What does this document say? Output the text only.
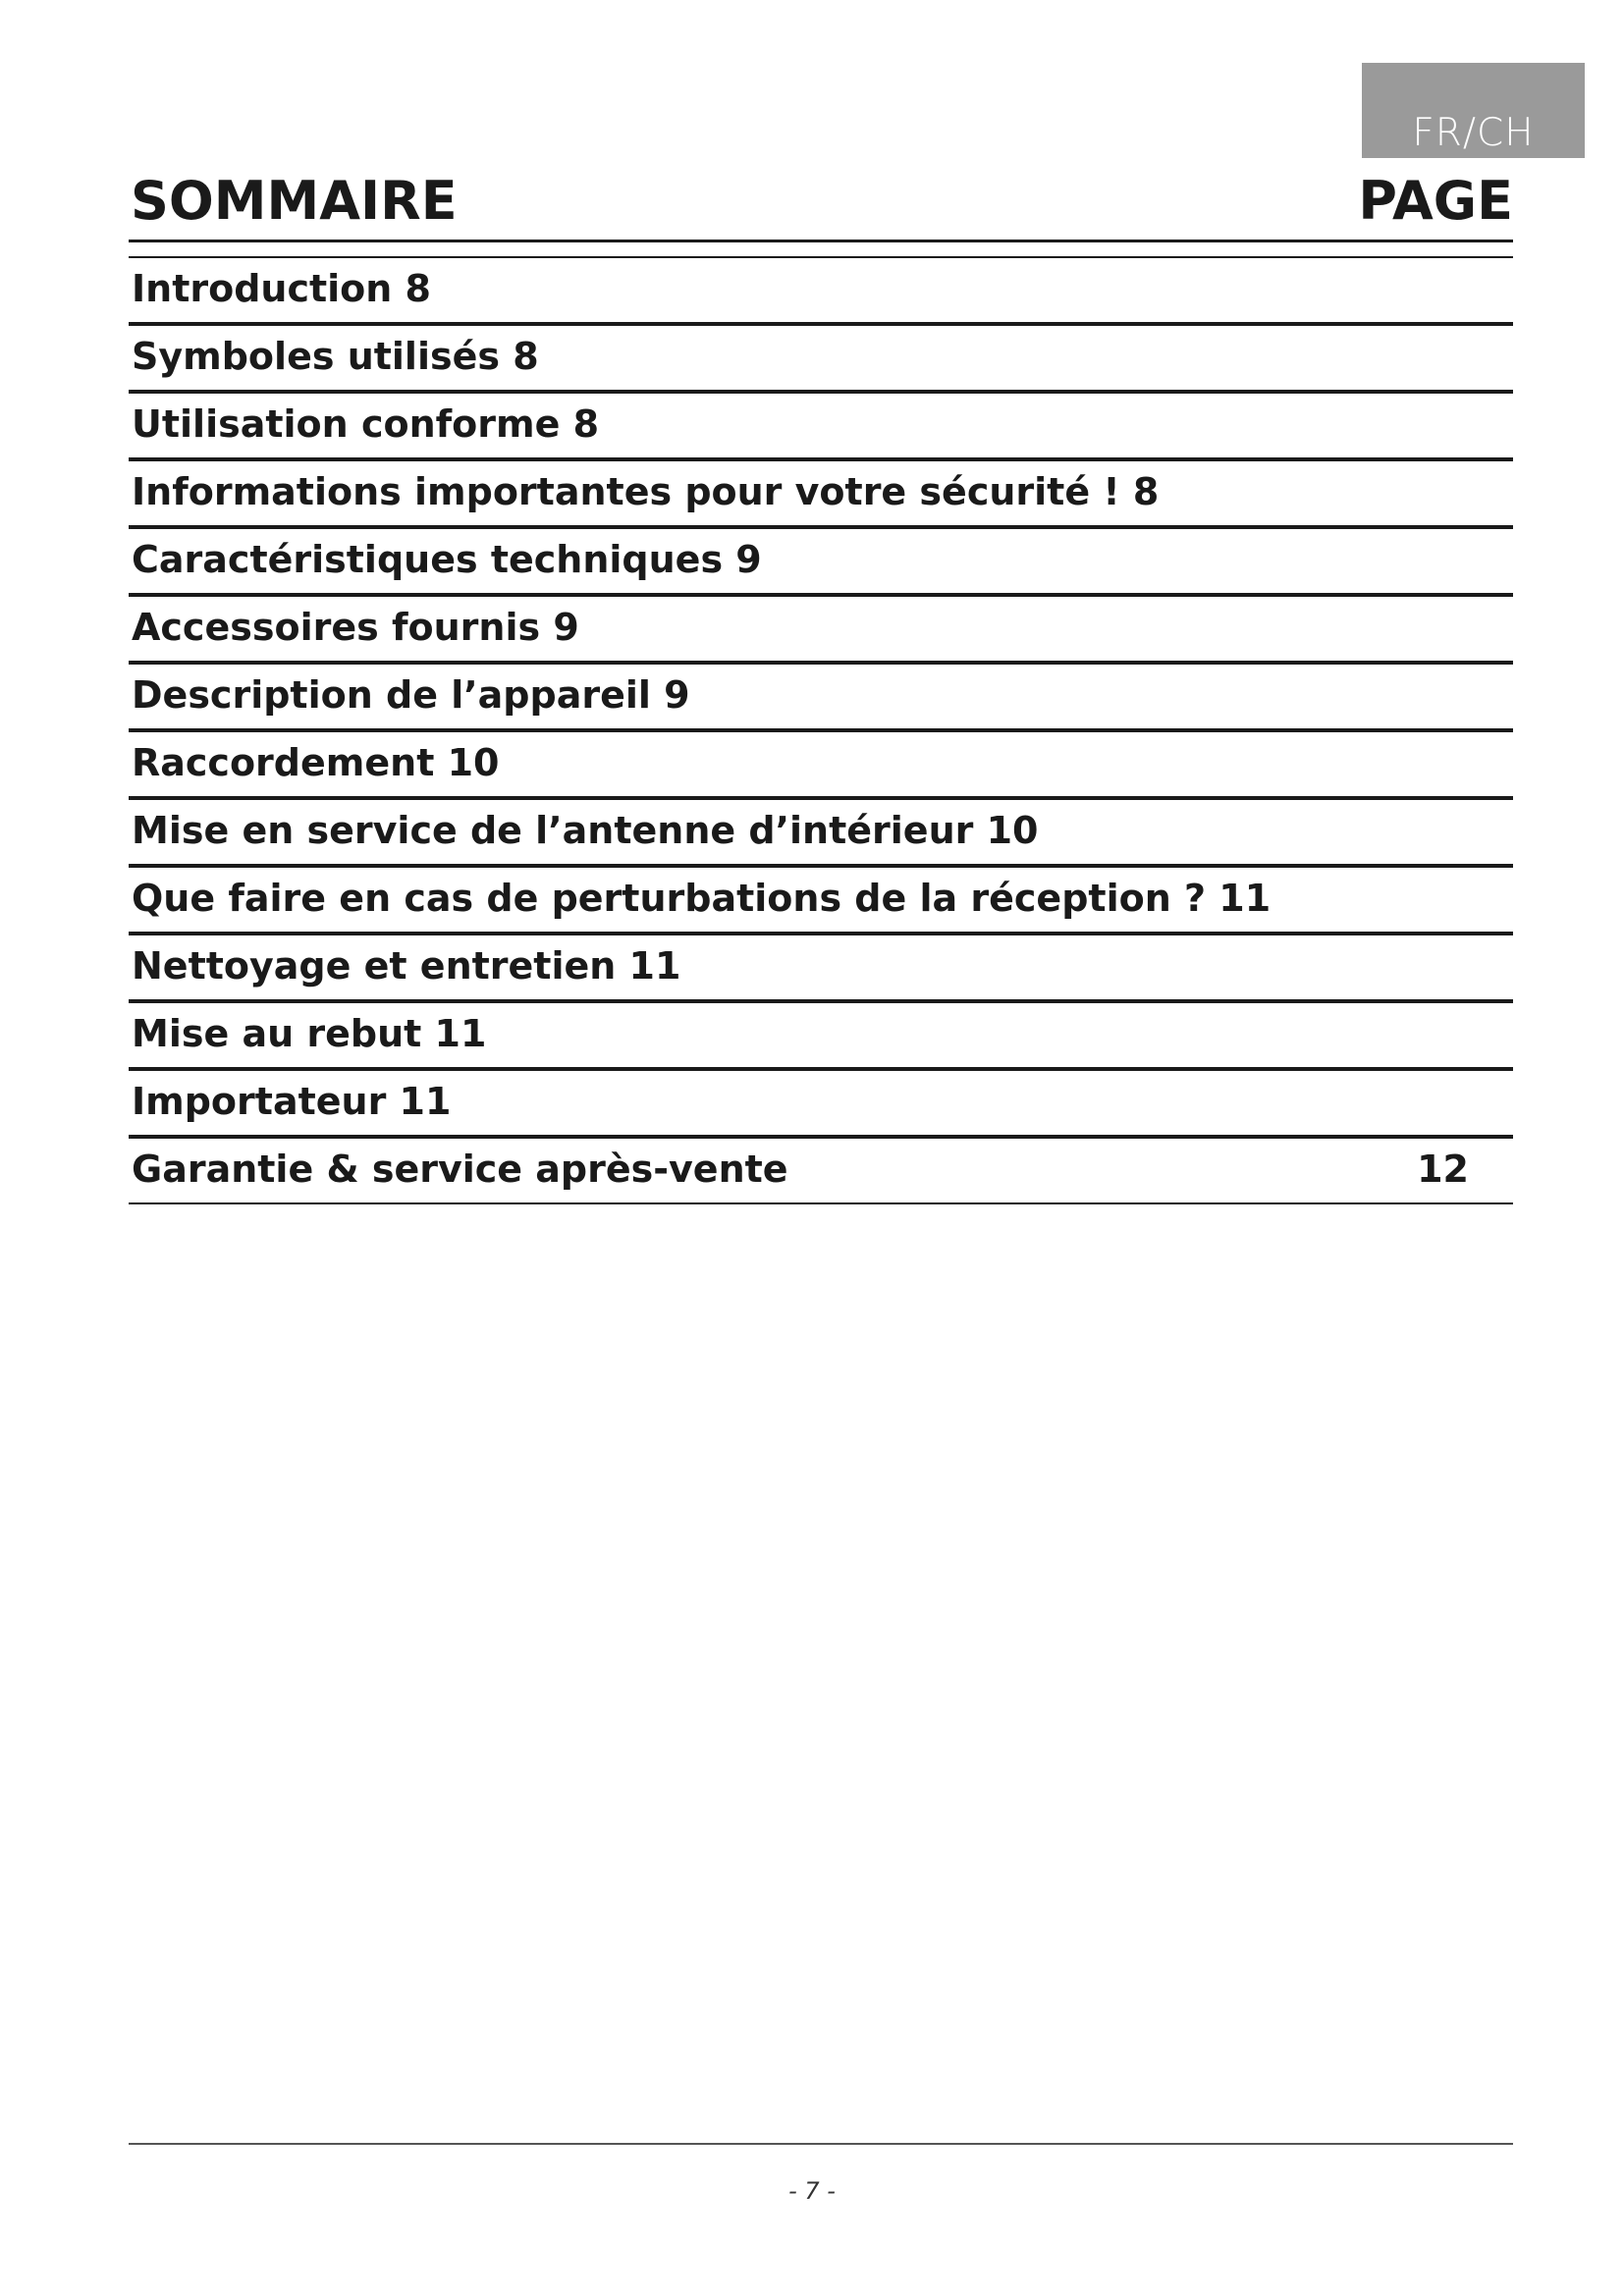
FR/CH
SOMMAIRE	PAGE
Introduction 8
Symboles utilisés 8
Utilisation conforme 8
Informations importantes pour votre sécurité ! 8
Caractéristiques techniques 9
Accessoires fournis 9
Description de l’appareil 9
Raccordement 10
Mise en service de l’antenne d’intérieur 10
Que faire en cas de perturbations de la réception ? 11
Nettoyage et entretien 11
Mise au rebut 11
Importateur 11
Garantie & service après-vente	12
- 7 -
